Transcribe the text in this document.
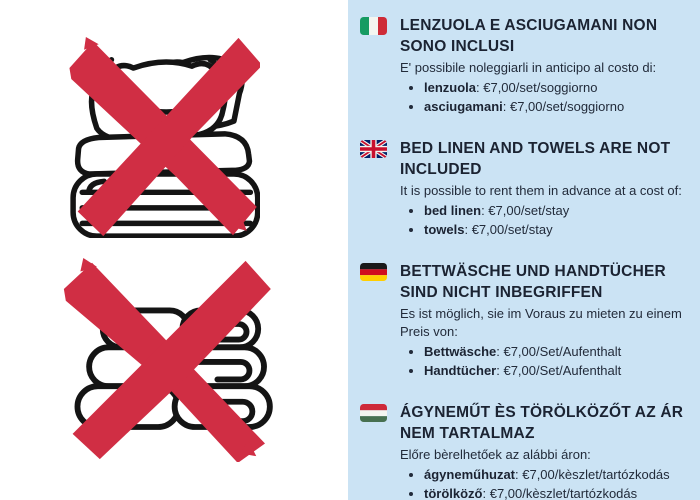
LENZUOLA E ASCIUGAMANI NON SONO INCLUSI

E' possibile noleggiarli in anticipo al costo di:

• lenzuola: €7,00/set/soggiorno
• asciugamani: €7,00/set/soggiorno
BED LINEN AND TOWELS ARE NOT INCLUDED

It is possible to rent them in advance at a cost of:

• bed linen: €7,00/set/stay
• towels: €7,00/set/stay
BETTWÄSCHE UND HANDTÜCHER SIND NICHT INBEGRIFFEN

Es ist möglich, sie im Voraus zu mieten zu einem Preis von:

• Bettwäsche: €7,00/Set/Aufenthalt
• Handtücher: €7,00/Set/Aufenthalt
ÁGYNEMŰT ÈS TÖRÖLKÖZŐT AZ ÁR NEM TARTALMAZ

Előre bèrelhetőek az alábbi áron:

• ágyneműhuzat: €7,00/kèszlet/tartózkodás
• törölköző: €7,00/kèszlet/tartózkodás
